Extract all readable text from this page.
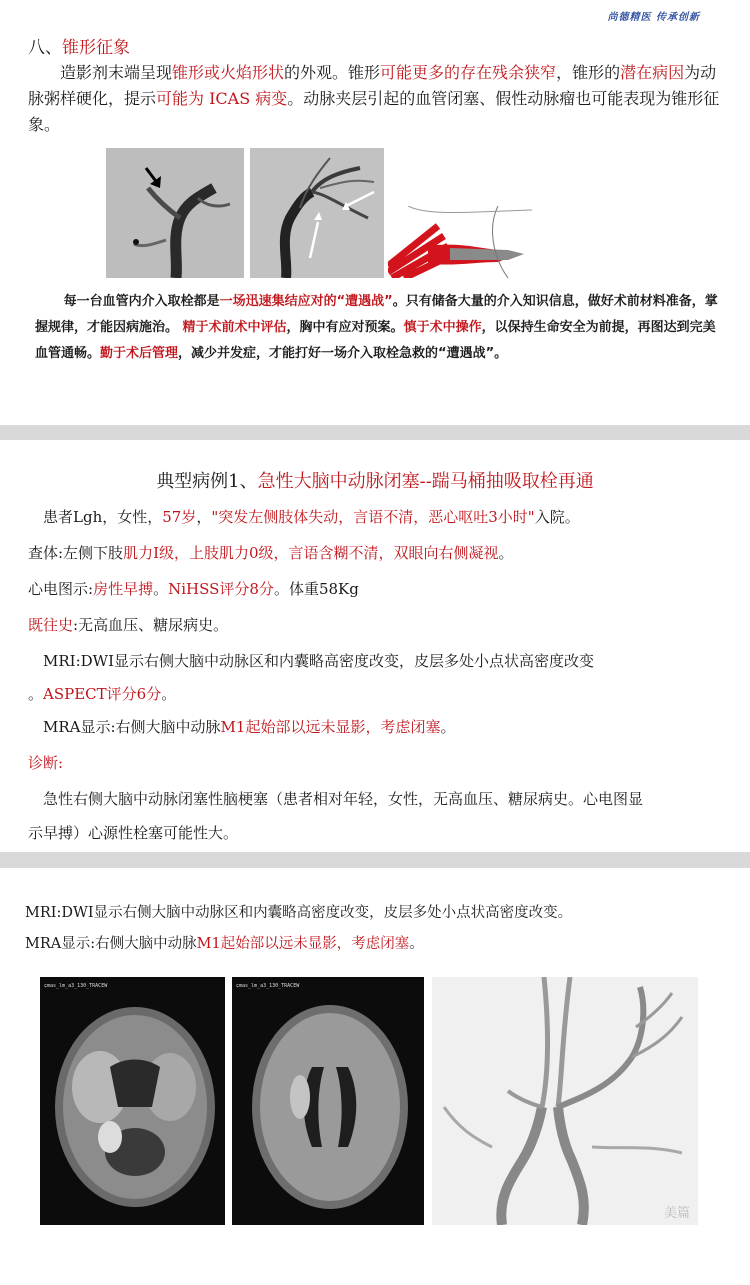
尚德精医 传承创新
八、锥形征象
造影剂末端呈现锥形或火焰形状的外观。锥形可能更多的存在残余狭窄，锥形的潜在病因为动脉粥样硬化，提示可能为 ICAS 病变。动脉夹层引起的血管闭塞、假性动脉瘤也可能表现为锥形征象。
每一台血管内介入取栓都是一场迅速集结应对的“遭遇战”。只有储备大量的介入知识信息，做好术前材料准备，掌握规律，才能因病施治。 精于术前术中评估，胸中有应对预案。慎于术中操作，以保持生命安全为前提，再图达到完美血管通畅。勤于术后管理，减少并发症，才能打好一场介入取栓急救的“遭遇战”。
典型病例1、急性大脑中动脉闭塞--踹马桶抽吸取栓再通
　患者Lgh，女性，57岁，"突发左侧肢体失动，言语不清，恶心呕吐3小时"入院。
查体:左侧下肢肌力I级，上肢肌力0级，言语含糊不清，双眼向右侧凝视。
心电图示:房性早搏。NiHSS评分8分。体重58Kg
既往史:无高血压、糖尿病史。
　MRI:DWI显示右侧大脑中动脉区和内囊略高密度改变，皮层多处小点状高密度改变
。ASPECT评分6分。
　MRA显示:右侧大脑中动脉M1起始部以远未显影，考虑闭塞。
诊断:
　急性右侧大脑中动脉闭塞性脑梗塞（患者相对年轻，女性，无高血压、糖尿病史。心电图显
示早搏）心源性栓塞可能性大。
MRI:DWI显示右侧大脑中动脉区和内囊略高密度改变，皮层多处小点状高密度改变。
MRA显示:右侧大脑中动脉M1起始部以远未显影，考虑闭塞。
ɕmas_lm_a3_130_TRACEW	ɕmas_lm_a3_130_TRACEW
美篇
